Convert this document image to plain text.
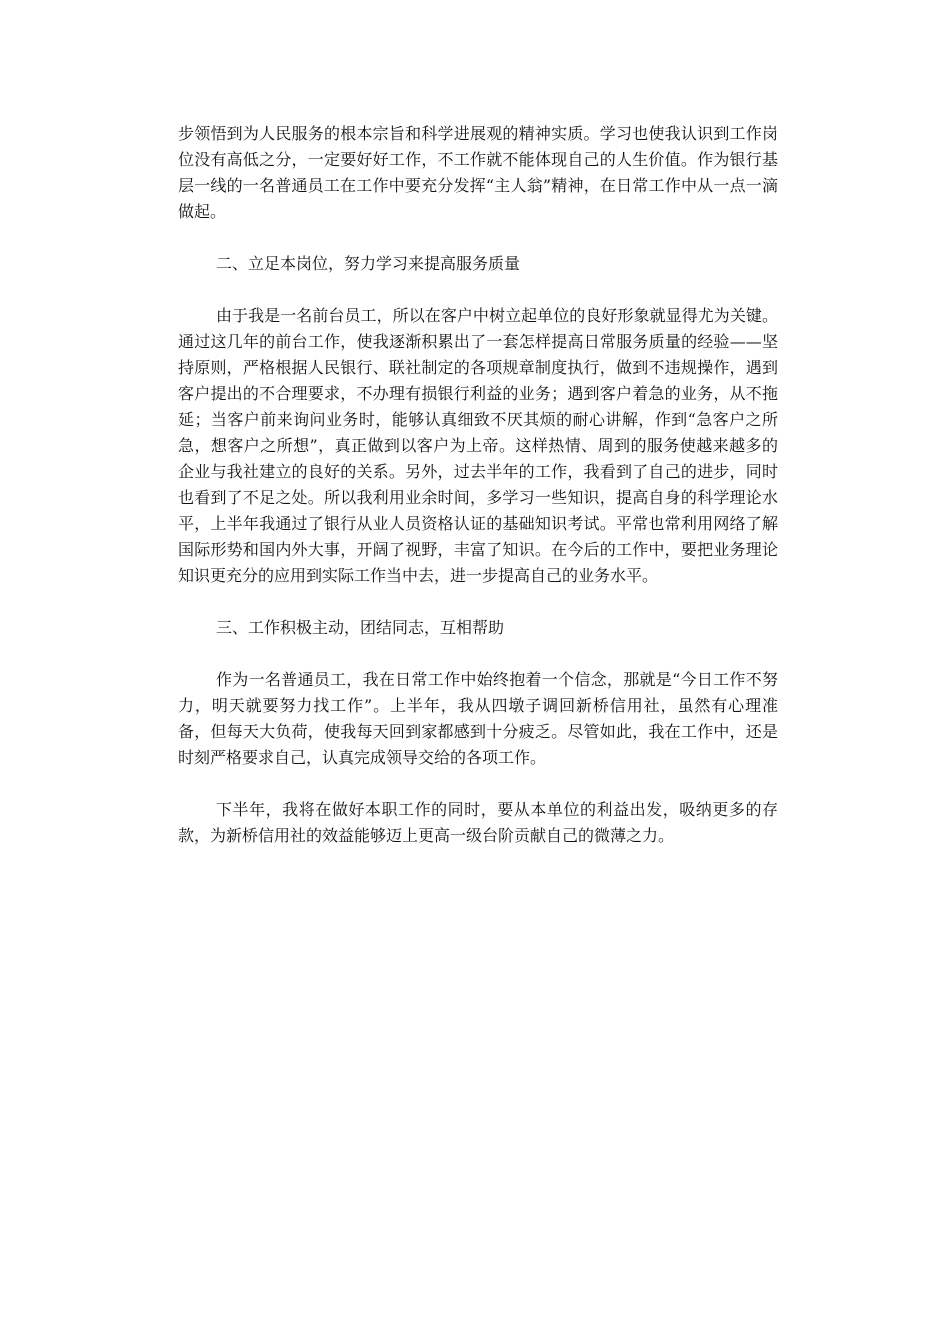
步领悟到为人民服务的根本宗旨和科学进展观的精神实质。学习也使我认识到工作岗位没有高低之分，一定要好好工作，不工作就不能体现自己的人生价值。作为银行基层一线的一名普通员工在工作中要充分发挥“主人翁”精神，在日常工作中从一点一滴做起。

二、立足本岗位，努力学习来提高服务质量

由于我是一名前台员工，所以在客户中树立起单位的良好形象就显得尤为关键。通过这几年的前台工作，使我逐渐积累出了一套怎样提高日常服务质量的经验——坚持原则，严格根据人民银行、联社制定的各项规章制度执行，做到不违规操作，遇到客户提出的不合理要求，不办理有损银行利益的业务；遇到客户着急的业务，从不拖延；当客户前来询问业务时，能够认真细致不厌其烦的耐心讲解，作到“急客户之所急，想客户之所想”，真正做到以客户为上帝。这样热情、周到的服务使越来越多的企业与我社建立的良好的关系。另外，过去半年的工作，我看到了自己的进步，同时也看到了不足之处。所以我利用业余时间，多学习一些知识，提高自身的科学理论水平，上半年我通过了银行从业人员资格认证的基础知识考试。平常也常利用网络了解国际形势和国内外大事，开阔了视野，丰富了知识。在今后的工作中，要把业务理论知识更充分的应用到实际工作当中去，进一步提高自己的业务水平。

三、工作积极主动，团结同志，互相帮助

作为一名普通员工，我在日常工作中始终抱着一个信念，那就是“今日工作不努力，明天就要努力找工作”。上半年，我从四墩子调回新桥信用社，虽然有心理准备，但每天大负荷，使我每天回到家都感到十分疲乏。尽管如此，我在工作中，还是时刻严格要求自己，认真完成领导交给的各项工作。

下半年，我将在做好本职工作的同时，要从本单位的利益出发，吸纳更多的存款，为新桥信用社的效益能够迈上更高一级台阶贡献自己的微薄之力。
